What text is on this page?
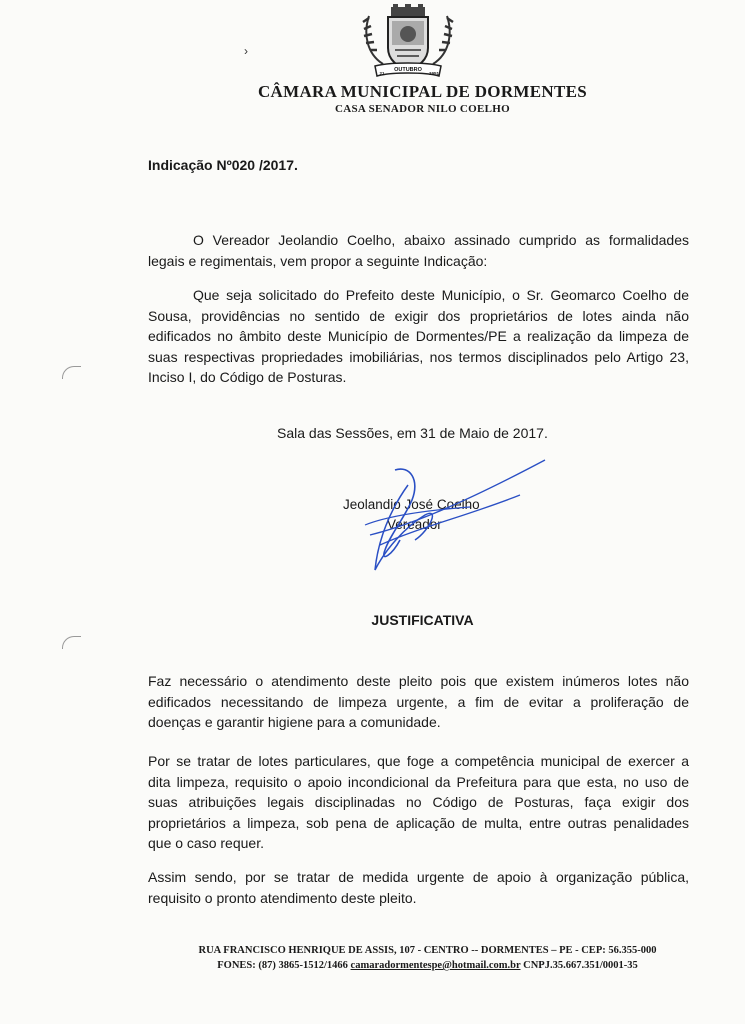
OUTUBRO
21	1951
›
CÂMARA MUNICIPAL DE DORMENTES
CASA SENADOR NILO COELHO
Indicação Nº020 /2017.
O Vereador Jeolandio Coelho, abaixo assinado cumprido as formalidades
legais e regimentais, vem propor a seguinte Indicação:
Que seja solicitado do Prefeito deste Município, o Sr. Geomarco Coelho de
Sousa, providências no sentido de exigir dos proprietários de lotes ainda não
edificados no âmbito deste Município de Dormentes/PE a realização da limpeza de
suas respectivas propriedades imobiliárias, nos termos disciplinados pelo Artigo 23,
Inciso I, do Código de Posturas.
Sala das Sessões, em 31 de Maio de 2017.
Jeolandio José Coelho
Vereador
JUSTIFICATIVA
Faz necessário o atendimento deste pleito pois que existem inúmeros lotes não
edificados necessitando de limpeza urgente, a fim de evitar a proliferação de
doenças e garantir higiene para a comunidade.
Por se tratar de lotes particulares, que foge a competência municipal de exercer a
dita limpeza, requisito o apoio incondicional da Prefeitura para que esta, no uso de
suas atribuições legais disciplinadas no Código de Posturas, faça exigir dos
proprietários a limpeza, sob pena de aplicação de multa, entre outras penalidades
que o caso requer.
Assim sendo, por se tratar de medida urgente de apoio à organização pública,
requisito o pronto atendimento deste pleito.
RUA FRANCISCO HENRIQUE DE ASSIS, 107 - CENTRO -- DORMENTES – PE - CEP: 56.355-000
FONES: (87) 3865-1512/1466 camaradormentespe@hotmail.com.br CNPJ.35.667.351/0001-35
